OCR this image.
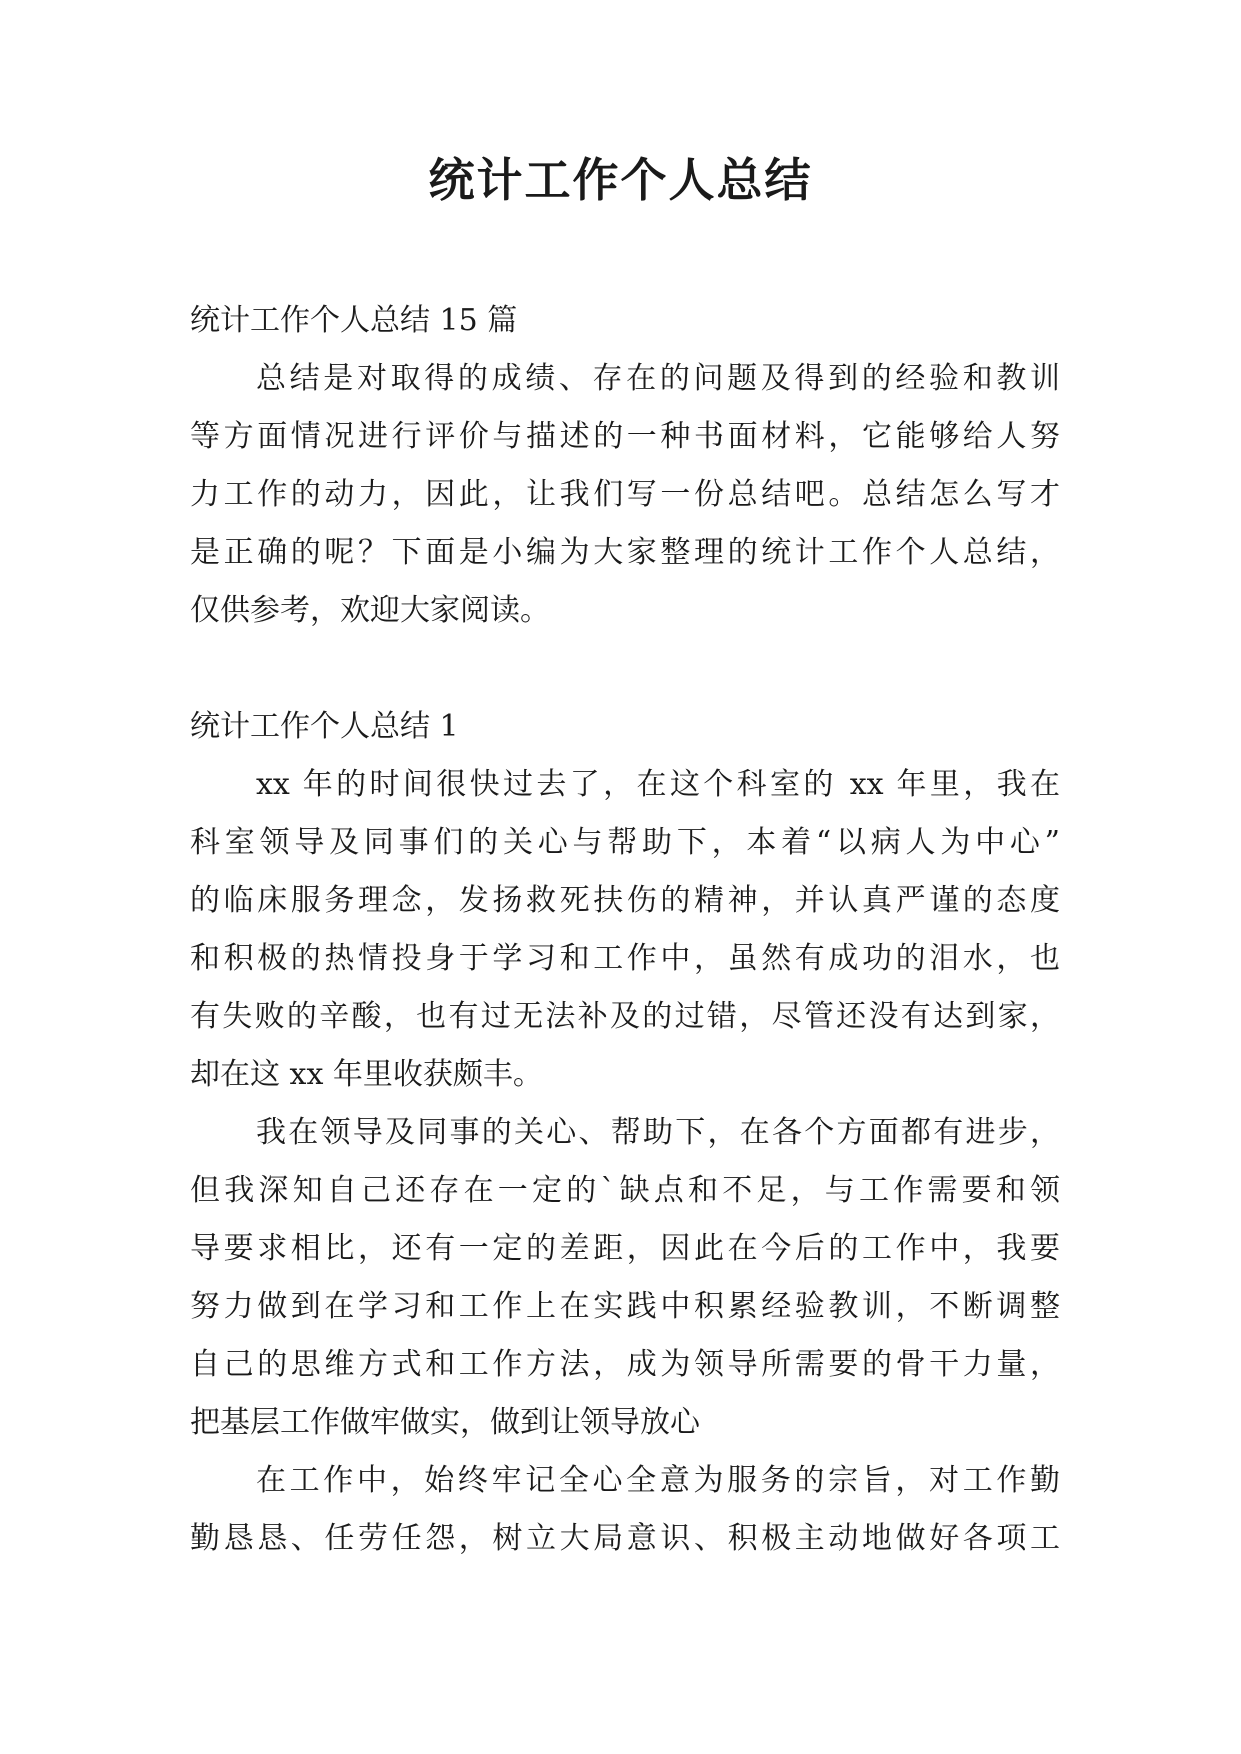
统计工作个人总结
统计工作个人总结 15 篇
总结是对取得的成绩、存在的问题及得到的经验和教训
等方面情况进行评价与描述的一种书面材料，它能够给人努
力工作的动力，因此，让我们写一份总结吧。总结怎么写才
是正确的呢？下面是小编为大家整理的统计工作个人总结，
仅供参考，欢迎大家阅读。
统计工作个人总结 1
xx 年的时间很快过去了，在这个科室的 xx 年里，我在
科室领导及同事们的关心与帮助下，本着“以病人为中心”
的临床服务理念，发扬救死扶伤的精神，并认真严谨的态度
和积极的热情投身于学习和工作中，虽然有成功的泪水，也
有失败的辛酸，也有过无法补及的过错，尽管还没有达到家，
却在这 xx 年里收获颇丰。
我在领导及同事的关心、帮助下，在各个方面都有进步，
但我深知自己还存在一定的`缺点和不足，与工作需要和领
导要求相比，还有一定的差距，因此在今后的工作中，我要
努力做到在学习和工作上在实践中积累经验教训，不断调整
自己的思维方式和工作方法，成为领导所需要的骨干力量，
把基层工作做牢做实，做到让领导放心
在工作中，始终牢记全心全意为服务的宗旨，对工作勤
勤恳恳、任劳任怨，树立大局意识、积极主动地做好各项工
